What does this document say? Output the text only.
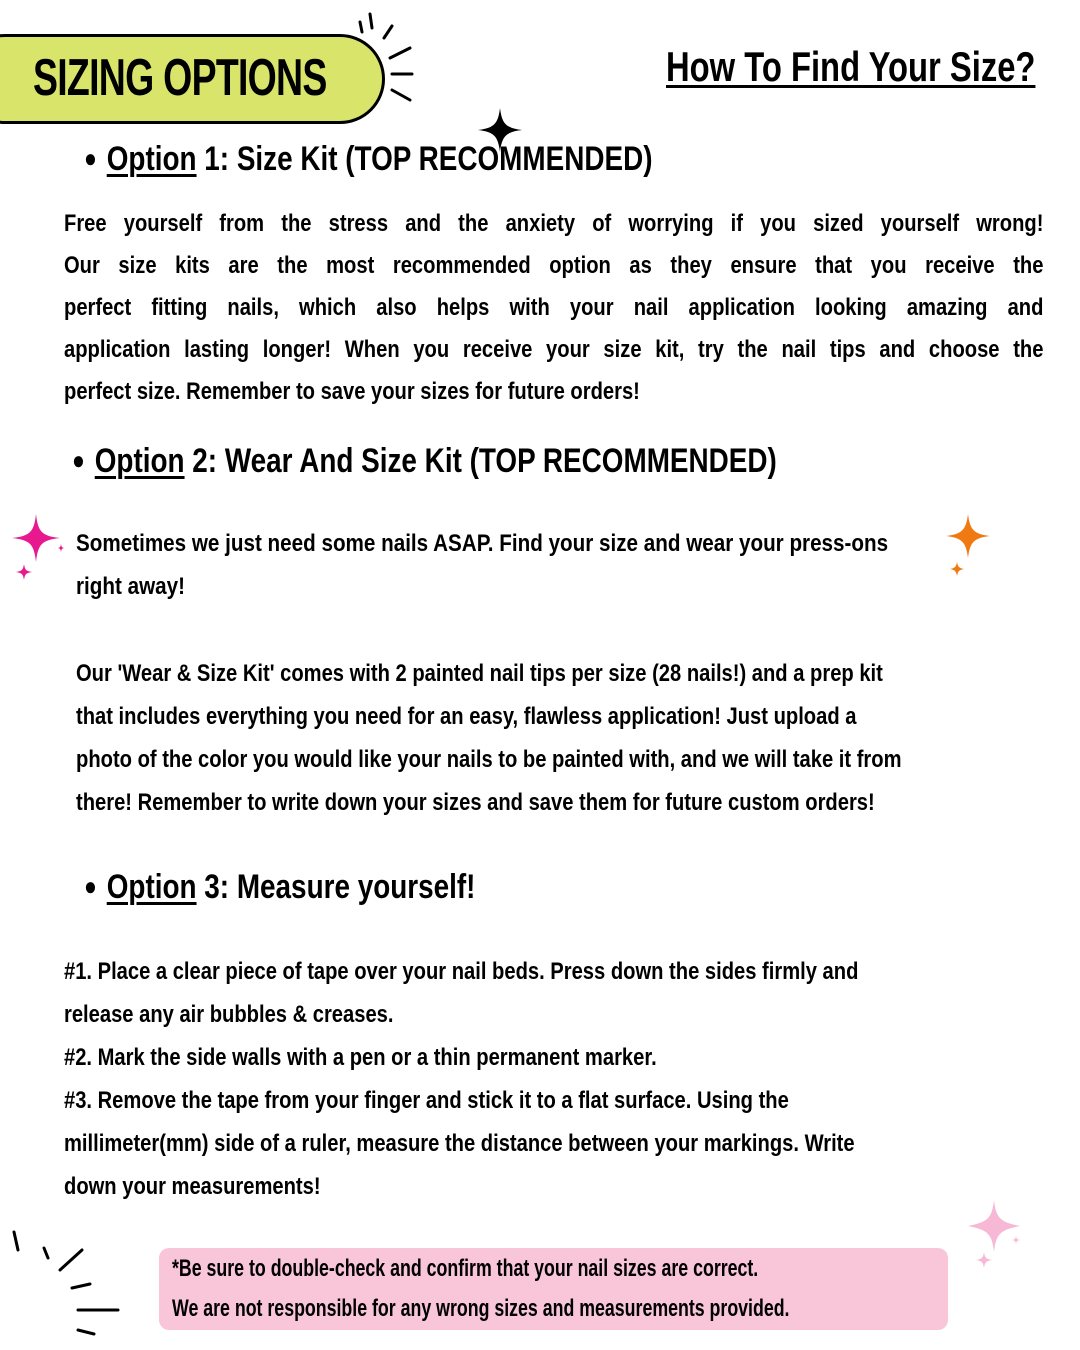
SIZING OPTIONS	How To Find Your Size?
● Option 1: Size Kit (TOP RECOMMENDED)
Free yourself from the stress and the anxiety of worrying if you sized yourself wrong!
Our size kits are the most recommended option as they ensure that you receive the
perfect fitting nails, which also helps with your nail application looking amazing and
application lasting longer! When you receive your size kit, try the nail tips and choose the
perfect size. Remember to save your sizes for future orders!
● Option 2: Wear And Size Kit (TOP RECOMMENDED)
Sometimes we just need some nails ASAP. Find your size and wear your press-ons
right away!
Our 'Wear & Size Kit' comes with 2 painted nail tips per size (28 nails!) and a prep kit
that includes everything you need for an easy, flawless application! Just upload a
photo of the color you would like your nails to be painted with, and we will take it from
there! Remember to write down your sizes and save them for future custom orders!
● Option 3: Measure yourself!
#1. Place a clear piece of tape over your nail beds. Press down the sides firmly and
release any air bubbles & creases.
#2. Mark the side walls with a pen or a thin permanent marker.
#3. Remove the tape from your finger and stick it to a flat surface. Using the
millimeter(mm) side of a ruler, measure the distance between your markings. Write
down your measurements!
*Be sure to double-check and confirm that your nail sizes are correct.
We are not responsible for any wrong sizes and measurements provided.
